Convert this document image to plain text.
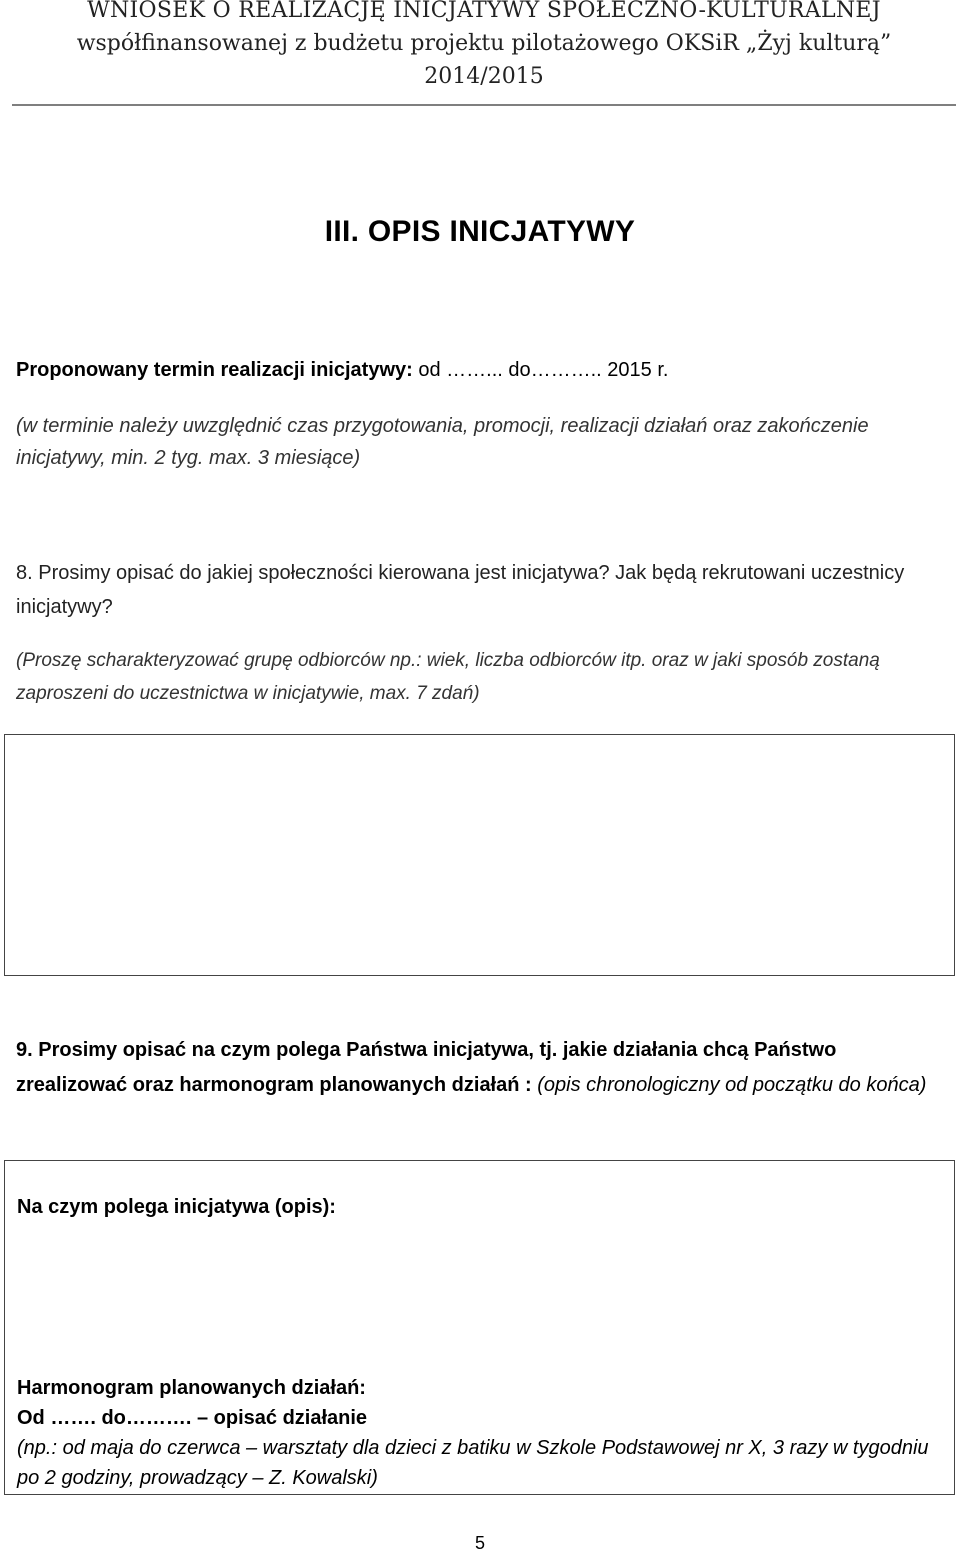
WNIOSEK O REALIZACJĘ INICJATYWY SPOŁECZNO-KULTURALNEJ
współfinansowanej z budżetu projektu pilotażowego OKSiR „Żyj kulturą”
2014/2015
III. OPIS INICJATYWY
Proponowany termin realizacji inicjatywy: od ……... do……….. 2015 r.
(w terminie należy uwzględnić czas przygotowania, promocji, realizacji działań oraz zakończenie inicjatywy, min. 2 tyg. max. 3 miesiące)
8. Prosimy opisać do jakiej społeczności kierowana jest inicjatywa? Jak będą rekrutowani uczestnicy inicjatywy?
(Proszę scharakteryzować grupę odbiorców np.: wiek, liczba odbiorców itp. oraz w jaki sposób zostaną zaproszeni do uczestnictwa w inicjatywie, max. 7 zdań)
9. Prosimy opisać na czym polega Państwa inicjatywa, tj. jakie działania chcą Państwo zrealizować oraz harmonogram planowanych działań : (opis chronologiczny od początku do końca)
Na czym polega inicjatywa (opis):
Harmonogram planowanych działań:
Od ……. do………. – opisać działanie
(np.: od maja do czerwca – warsztaty dla dzieci z batiku w Szkole Podstawowej nr X, 3 razy w tygodniu po 2 godziny, prowadzący – Z. Kowalski)
5
